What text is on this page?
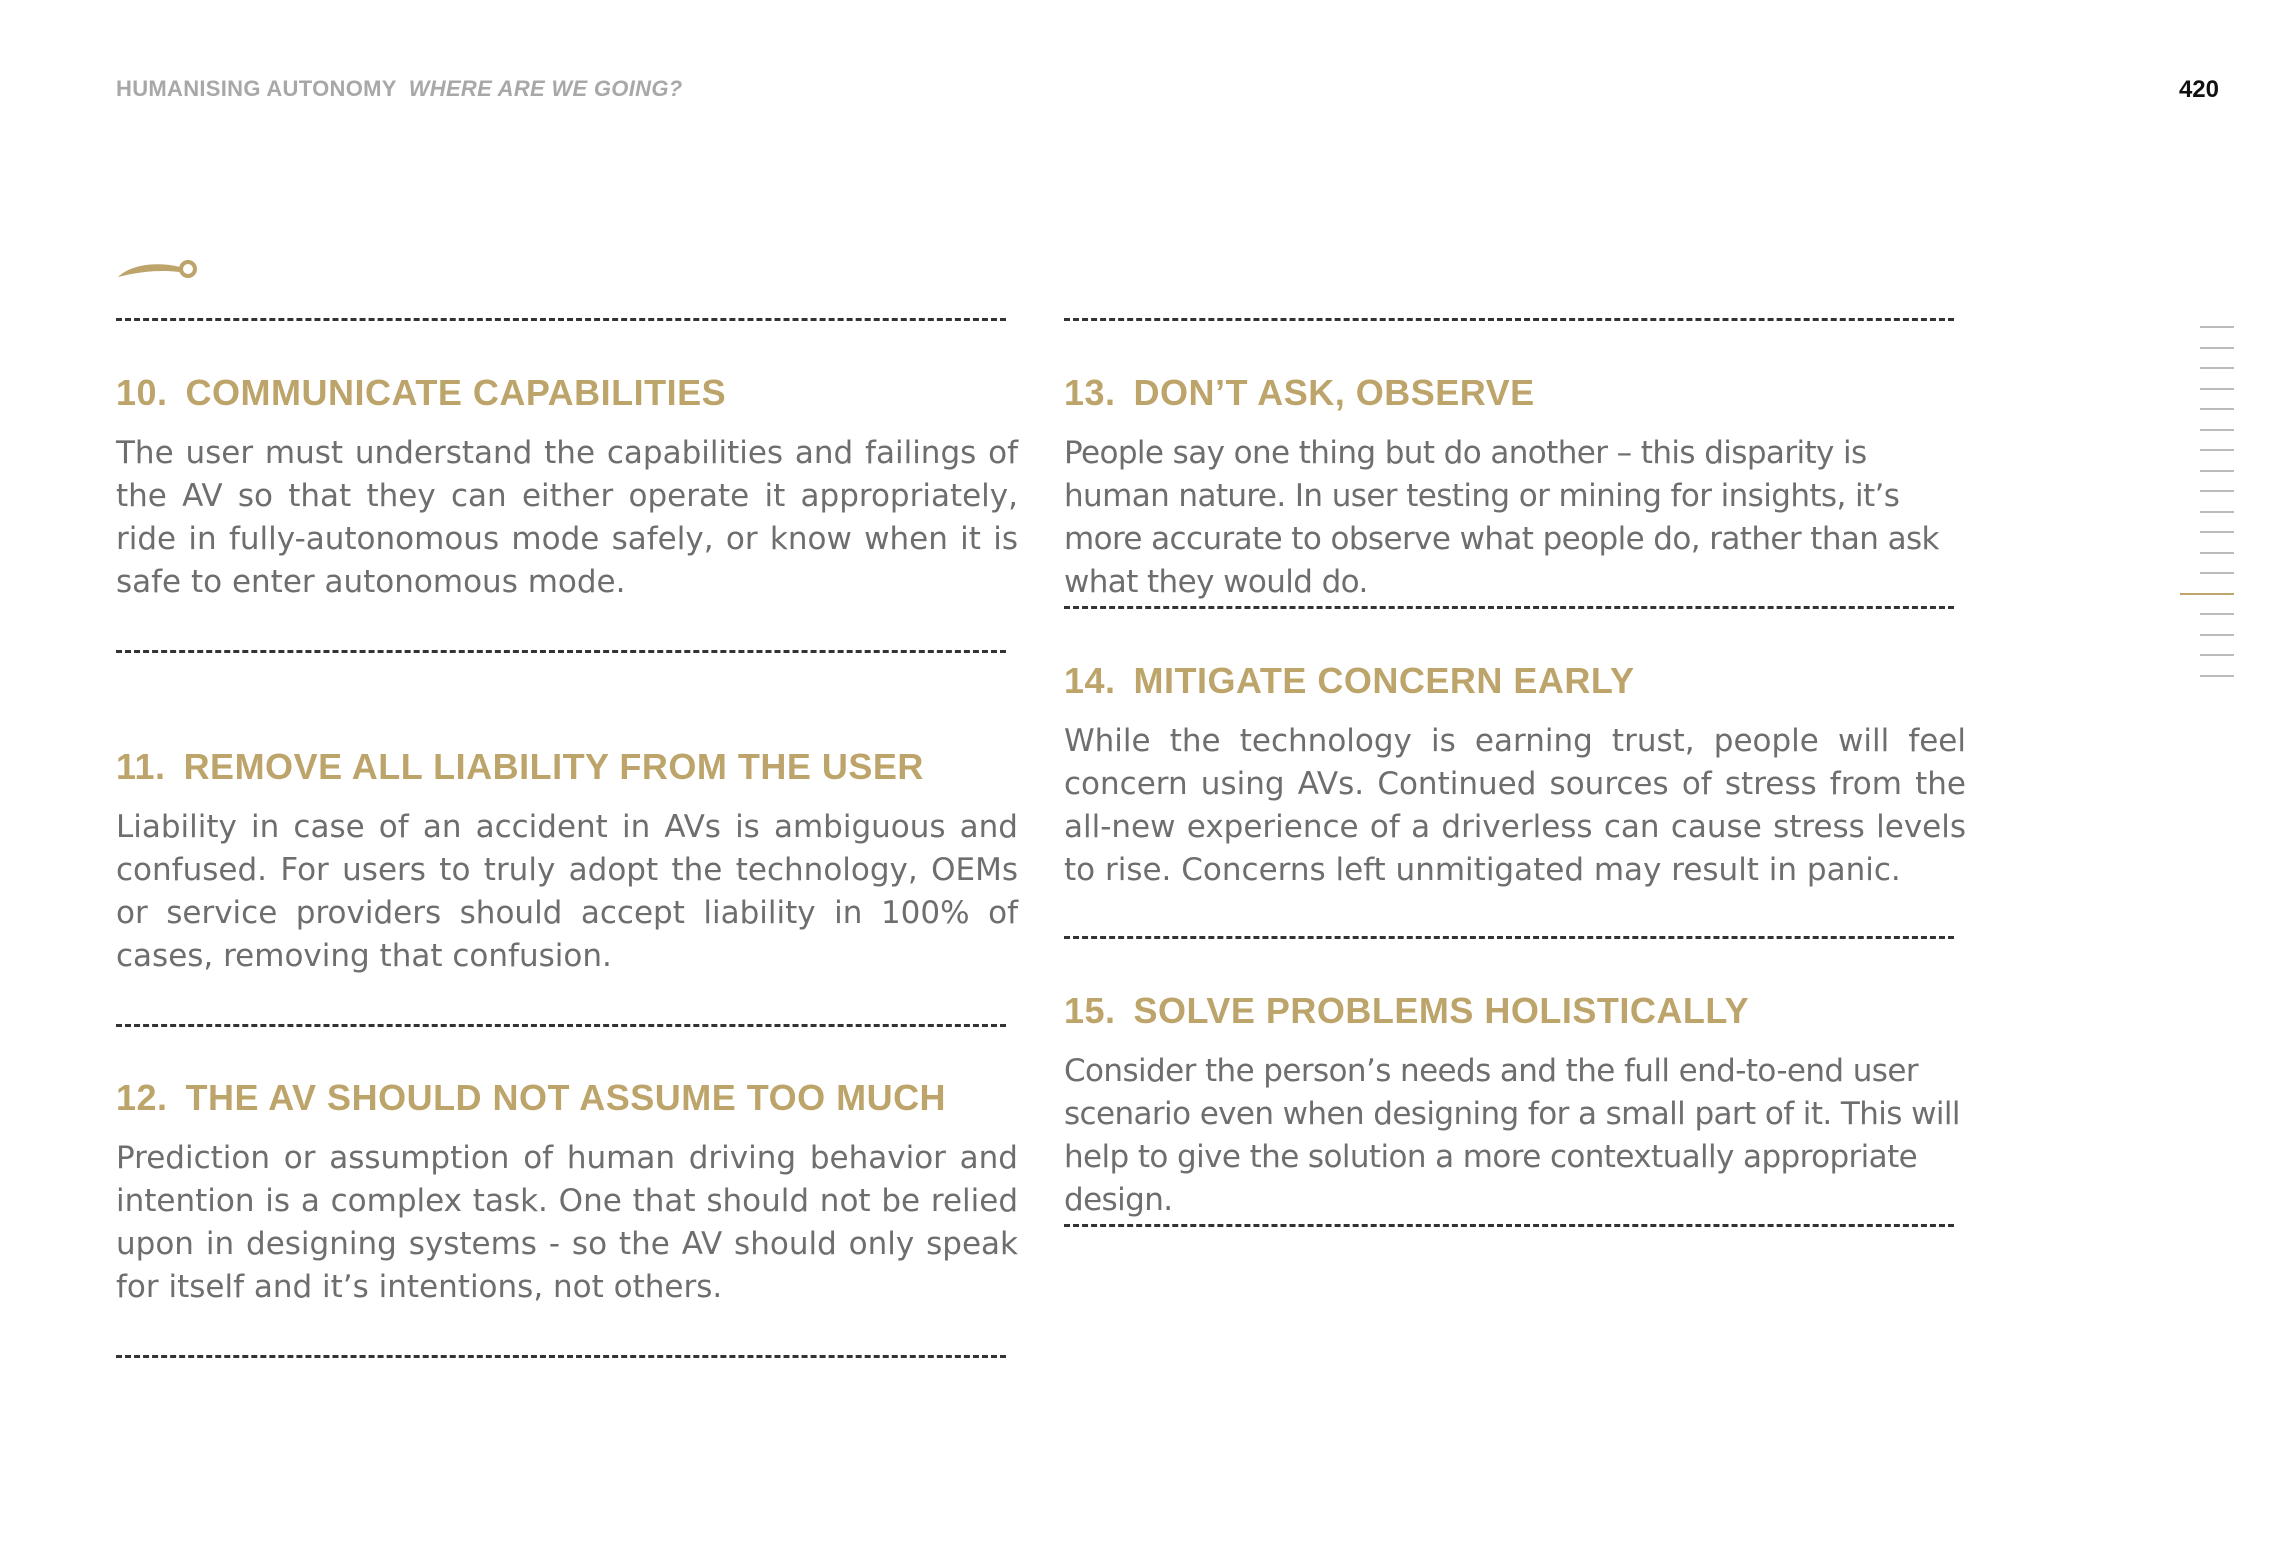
HUMANISING AUTONOMY WHERE ARE WE GOING?	420
10. COMMUNICATE CAPABILITIES

The user must understand the capabilities and failings of the AV so that they can either operate it appropriately, ride in fully-autonomous mode safely, or know when it is safe to enter autonomous mode.

11. REMOVE ALL LIABILITY FROM THE USER

Liability in case of an accident in AVs is ambiguous and confused. For users to truly adopt the technology, OEMs or service providers should accept liability in 100% of cases, removing that confusion.

12. THE AV SHOULD NOT ASSUME TOO MUCH

Prediction or assumption of human driving behavior and intention is a complex task. One that should not be relied upon in designing systems - so the AV should only speak for itself and it’s intentions, not others.

13. DON’T ASK, OBSERVE

People say one thing but do another – this disparity is human nature. In user testing or mining for insights, it’s more accurate to observe what people do, rather than ask what they would do.

14. MITIGATE CONCERN EARLY

While the technology is earning trust, people will feel concern using AVs. Continued sources of stress from the all-new experience of a driverless can cause stress levels to rise. Concerns left unmitigated may result in panic.

15. SOLVE PROBLEMS HOLISTICALLY

Consider the person’s needs and the full end-to-end user scenario even when designing for a small part of it. This will help to give the solution a more contextually appropriate design.
